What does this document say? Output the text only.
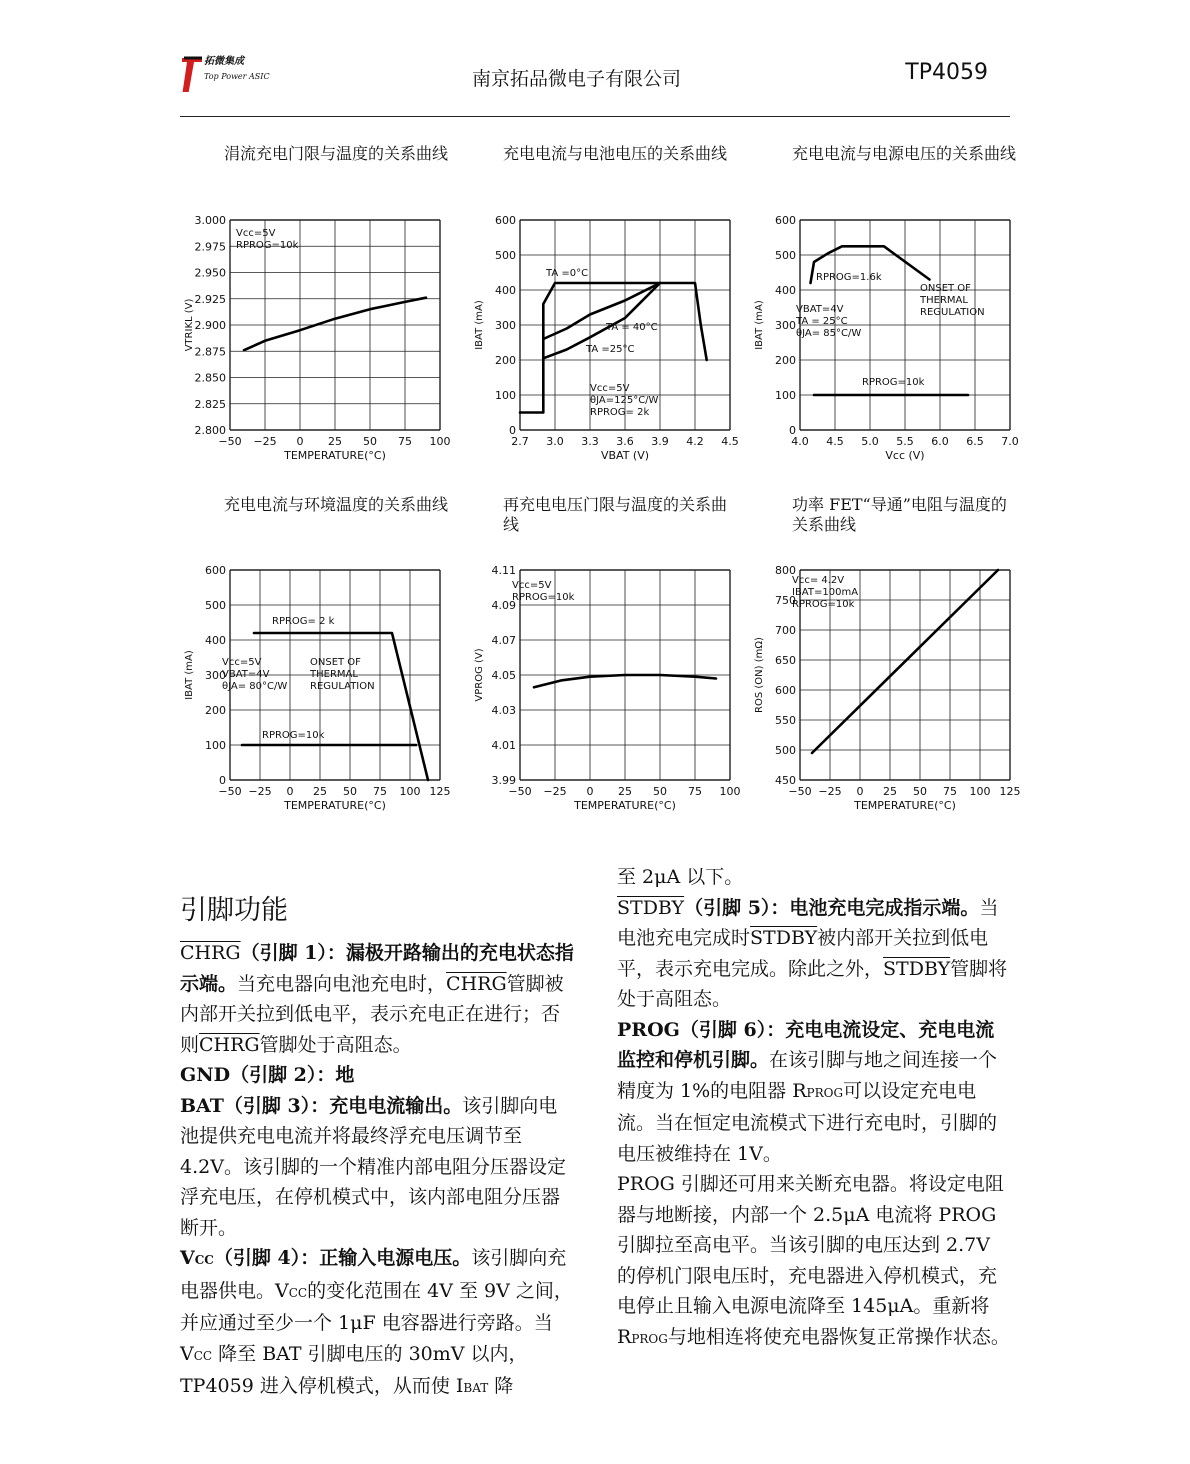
拓微集成
Top Power ASIC	南京拓品微电子有限公司	TP4059
涓流充电门限与温度的关系曲线	充电电流与电池电压的关系曲线	充电电流与电源电压的关系曲线
充电电流与环境温度的关系曲线	再充电电压门限与温度的关系曲线
功率 FET“导通”电阻与温度的关系曲线
−50 −25 0 25 50 75 100
3.000
2.975
2.950
2.925
2.900
2.875
2.850
2.825
2.800
TEMPERATURE(°C)
VTRIKL (V)
Vcc=5V
RPROG=10k
2.7 3.0 3.3 3.6 3.9 4.2 4.5
600
500
400
300
200
100
0
VBAT (V)
IBAT (mA)
TA =0°C
TA = 40°C
TA =25°C
Vcc=5V
θJA=125°C/W
RPROG= 2k
4.0 4.5 5.0 5.5 6.0 6.5 7.0
600
500
400
300
200
100
0
Vcc (V)
IBAT (mA)
RPROG=1.6k
ONSET OF
THERMAL
REGULATION
VBAT=4V
TA = 25°C
θJA= 85°C/W
RPROG=10k
−50 −25 0 25 50 75 100 125
600
500
400
300
200
100
0
TEMPERATURE(°C)
IBAT (mA)
RPROG= 2 k
Vcc=5V
VBAT=4V
θJA= 80°C/W
ONSET OF
THERMAL
REGULATION
RPROG=10k
−50 −25 0 25 50 75 100
4.11
4.09
4.07
4.05
4.03
4.01
3.99
TEMPERATURE(°C)
VPROG (V)
Vcc=5V
RPROG=10k
−50 −25 0 25 50 75 100 125
800
750
700
650
600
550
500
450
TEMPERATURE(°C)
ROS (ON) (mΩ)
Vcc= 4.2V
IBAT=100mA
RPROG=10k
引脚功能

CHRG（引脚 1）：漏极开路输出的充电状态指示端。当充电器向电池充电时，CHRG管脚被内部开关拉到低电平，表示充电正在进行；否则CHRG管脚处于高阻态。

GND（引脚 2）：地

BAT（引脚 3）：充电电流输出。该引脚向电池提供充电电流并将最终浮充电压调节至 4.2V。该引脚的一个精准内部电阻分压器设定浮充电压，在停机模式中，该内部电阻分压器断开。

VCC（引脚 4）：正输入电源电压。该引脚向充电器供电。VCC的变化范围在 4V 至 9V 之间，并应通过至少一个 1μF 电容器进行旁路。当 VCC 降至 BAT 引脚电压的 30mV 以内，TP4059 进入停机模式，从而使 IBAT 降

至 2μA 以下。

STDBY（引脚 5）：电池充电完成指示端。当电池充电完成时STDBY被内部开关拉到低电平，表示充电完成。除此之外，STDBY管脚将处于高阻态。

PROG（引脚 6）：充电电流设定、充电电流监控和停机引脚。在该引脚与地之间连接一个精度为 1%的电阻器 RPROG可以设定充电电流。当在恒定电流模式下进行充电时，引脚的电压被维持在 1V。

PROG 引脚还可用来关断充电器。将设定电阻器与地断接，内部一个 2.5μA 电流将 PROG 引脚拉至高电平。当该引脚的电压达到 2.7V 的停机门限电压时，充电器进入停机模式，充电停止且输入电源电流降至 145μA。重新将 RPROG与地相连将使充电器恢复正常操作状态。
